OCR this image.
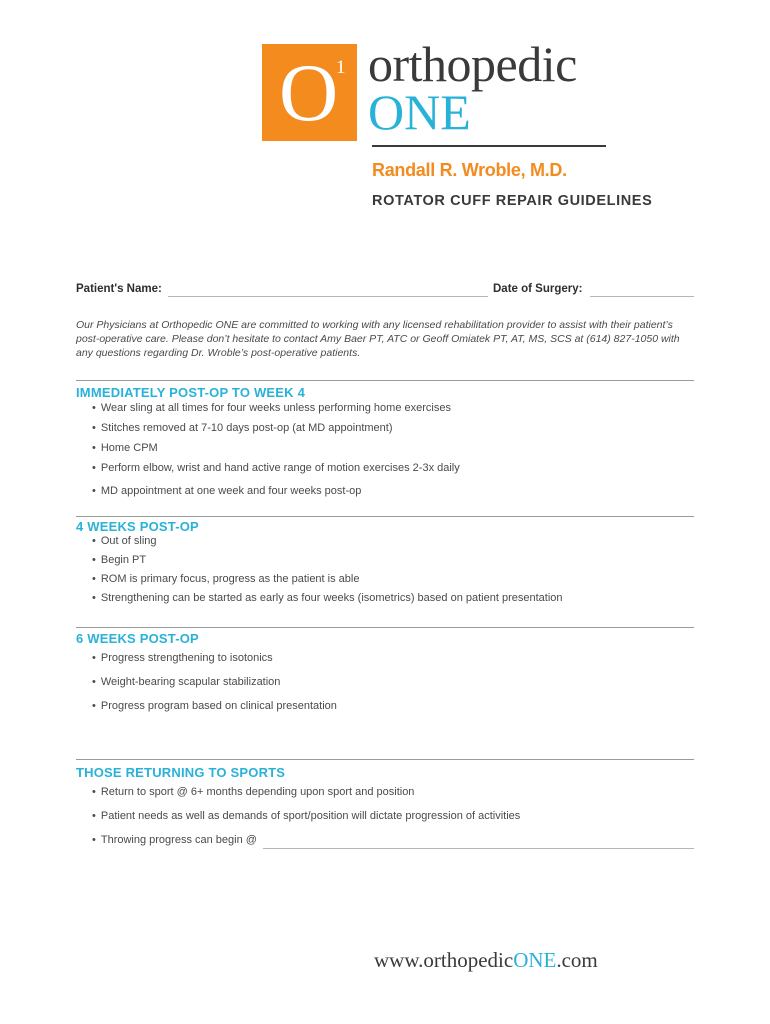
O
1 orthopedic
ONE
Randall R. Wroble, M.D.
ROTATOR CUFF REPAIR GUIDELINES
Patient's Name:	Date of Surgery:
Our Physicians at Orthopedic ONE are committed to working with any licensed rehabilitation provider to assist with their patient’s post-operative care. Please don’t hesitate to contact Amy Baer PT, ATC or Geoff Omiatek PT, AT, MS, SCS at (614) 827-1050 with any questions regarding Dr. Wroble’s post-operative patients.
IMMEDIATELY POST-OP TO WEEK 4
• Wear sling at all times for four weeks unless performing home exercises
• Stitches removed at 7-10 days post-op (at MD appointment)
• Home CPM
• Perform elbow, wrist and hand active range of motion exercises 2-3x daily
• MD appointment at one week and four weeks post-op
4 WEEKS POST-OP
• Out of sling
• Begin PT
• ROM is primary focus, progress as the patient is able
• Strengthening can be started as early as four weeks (isometrics) based on patient presentation
6 WEEKS POST-OP
• Progress strengthening to isotonics
• Weight-bearing scapular stabilization
• Progress program based on clinical presentation
THOSE RETURNING TO SPORTS
• Return to sport @ 6+ months depending upon sport and position
• Patient needs as well as demands of sport/position will dictate progression of activities
• Throwing progress can begin @
www.orthopedicONE.com
